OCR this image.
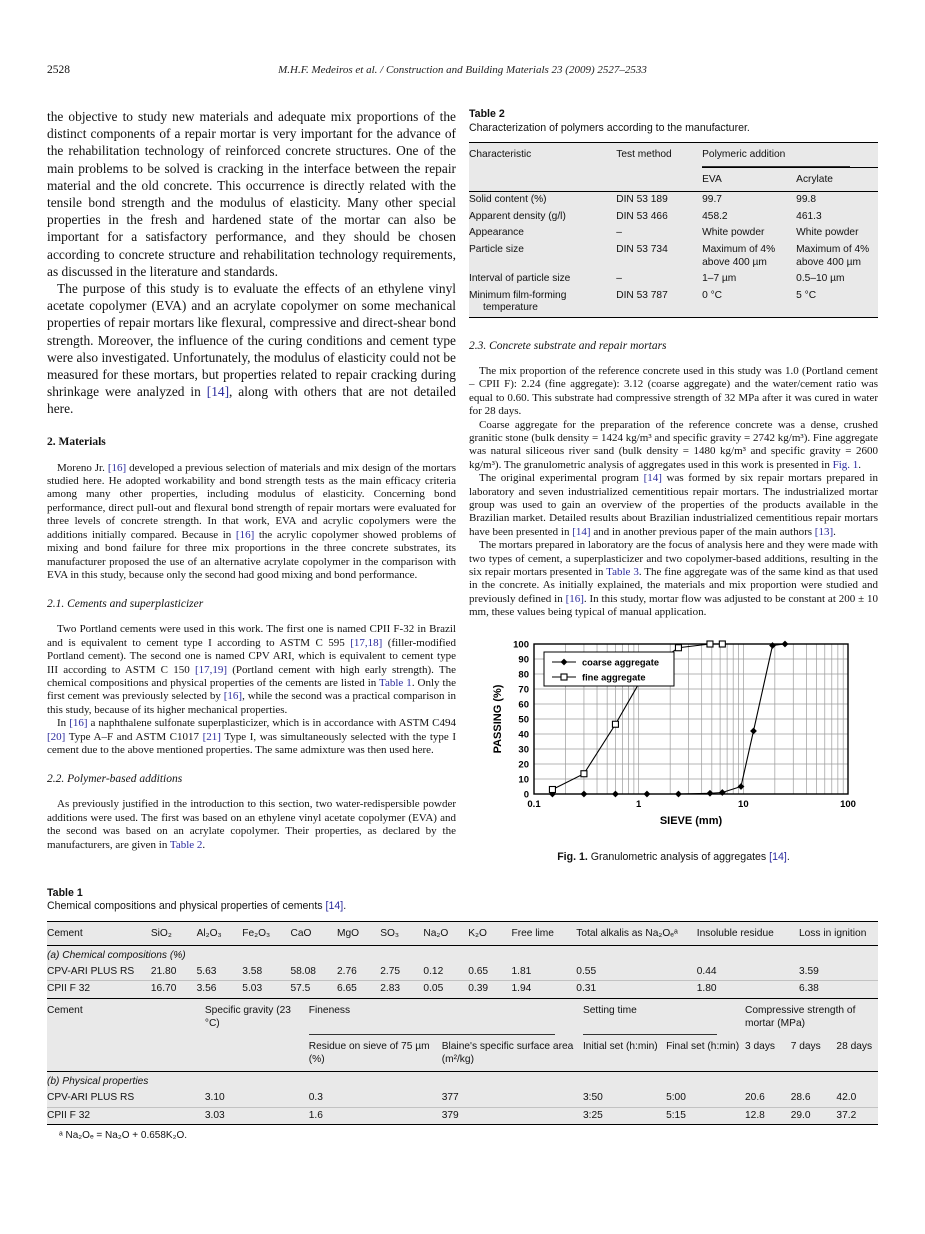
2528	M.H.F. Medeiros et al. / Construction and Building Materials 23 (2009) 2527–2533

the objective to study new materials and adequate mix proportions of the distinct components of a repair mortar is very important for the advance of the rehabilitation technology of reinforced concrete structures. One of the main problems to be solved is cracking in the interface between the repair material and the old concrete. This occurrence is directly related with the tensile bond strength and the modulus of elasticity. Many other special properties in the fresh and hardened state of the mortar can also be important for a satisfactory performance, and they should be chosen according to concrete structure and rehabilitation technology requirements, as discussed in the literature and standards.

The purpose of this study is to evaluate the effects of an ethylene vinyl acetate copolymer (EVA) and an acrylate copolymer on some mechanical properties of repair mortars like flexural, compressive and direct-shear bond strength. Moreover, the influence of the curing conditions and cement type were also investigated. Unfortunately, the modulus of elasticity could not be measured for these mortars, but properties related to repair cracking during shrinkage were analyzed in [14], along with others that are not detailed here.

2. Materials

Moreno Jr. [16] developed a previous selection of materials and mix design of the mortars studied here. He adopted workability and bond strength tests as the main efficacy criteria among many other properties, including modulus of elasticity. Concerning bond performance, direct pull-out and flexural bond strength of repair mortars were evaluated for three levels of concrete strength. In that work, EVA and acrylic copolymers were the additions initially compared. Because in [16] the acrylic copolymer showed problems of mixing and bond failure for three mix proportions in the three concrete substrates, its manufacturer proposed the use of an alternative acrylate copolymer in the comparison with EVA in this study, because only the second had good mixing and bond performance.

2.1. Cements and superplasticizer

Two Portland cements were used in this work. The first one is named CPII F-32 in Brazil and is equivalent to cement type I according to ASTM C 595 [17,18] (filler-modified Portland cement). The second one is named CPV ARI, which is equivalent to cement type III according to ASTM C 150 [17,19] (Portland cement with high early strength). The chemical compositions and physical properties of the cements are listed in Table 1. Only the first cement was previously selected by [16], while the second was a practical comparison in this study, because of its higher mechanical properties.

In [16] a naphthalene sulfonate superplasticizer, which is in accordance with ASTM C494 [20] Type A–F and ASTM C1017 [21] Type I, was simultaneously selected with the type I cement due to the above mentioned properties. The same admixture was then used here.

2.2. Polymer-based additions

As previously justified in the introduction to this section, two water-redispersible powder additions were used. The first was based on an ethylene vinyl acetate copolymer (EVA) and the second was based on an acrylate copolymer. Their properties, as declared by the manufacturers, are given in Table 2.

Table 2
Characterization of polymers according to the manufacturer.
Characteristic	Test method	Polymeric addition	

		EVA	Acrylate
Solid content (%)	DIN 53 189	99.7	99.8
Apparent density (g/l)	DIN 53 466	458.2	461.3
Appearance	–	White powder	White powder
Particle size	DIN 53 734	Maximum of 4% above 400 µm	Maximum of 4% above 400 µm
Interval of particle size	–	1–7 µm	0.5–10 µm
Minimum film-forming temperature	DIN 53 787	0 °C	5 °C
2.3. Concrete substrate and repair mortars

The mix proportion of the reference concrete used in this study was 1.0 (Portland cement – CPII F): 2.24 (fine aggregate): 3.12 (coarse aggregate) and the water/cement ratio was equal to 0.60. This substrate had compressive strength of 32 MPa after it was cured in water for 28 days.

Coarse aggregate for the preparation of the reference concrete was a dense, crushed granitic stone (bulk density = 1424 kg/m³ and specific gravity = 2742 kg/m³). Fine aggregate was natural siliceous river sand (bulk density = 1480 kg/m³ and specific gravity = 2600 kg/m³). The granulometric analysis of aggregates used in this work is presented in Fig. 1.

The original experimental program [14] was formed by six repair mortars prepared in laboratory and seven industrialized cementitious repair mortars. The industrialized mortar group was used to gain an overview of the properties of the products available in the Brazilian market. Detailed results about Brazilian industrialized cementitious repair mortars have been presented in [14] and in another previous paper of the main authors [13].

The mortars prepared in laboratory are the focus of analysis here and they were made with two types of cement, a superplasticizer and two copolymer-based additions, resulting in the six repair mortars presented in Table 3. The fine aggregate was of the same kind as that used in the concrete. As initially explained, the materials and mix proportion were studied and previously defined in [16]. In this study, mortar flow was adjusted to be constant at 200 ± 10 mm, these values being typical of manual application.

0
10
20
30
40
50
60
70
80
90
100
0.1	1	10	100
SIEVE (mm)
PASSING (%)
coarse aggregate
fine aggregate
Fig. 1. Granulometric analysis of aggregates [14].
Table 1
Chemical compositions and physical properties of cements [14].
Cement	SiO₂	Al₂O₃	Fe₂O₃	CaO	MgO	SO₃	Na₂O	K₂O	Free lime	Total alkalis as Na₂Oₑᵃ	Insoluble residue	Loss in ignition
(a) Chemical compositions (%)												
CPV-ARI PLUS RS	21.80	5.63	3.58	58.08	2.76	2.75	0.12	0.65	1.81	0.55	0.44	3.59
CPII F 32	16.70	3.56	5.03	57.5	6.65	2.83	0.05	0.39	1.94	0.31	1.80	6.38
Cement	Specific gravity (23 °C)	Fineness		Setting time		Compressive strength of mortar (MPa)		
		Residue on sieve of 75 µm (%)	Blaine's specific surface area (m²/kg)	Initial set (h:min)	Final set (h:min)	3 days	7 days	28 days
(b) Physical properties								
CPV-ARI PLUS RS	3.10	0.3	377	3:50	5:00	20.6	28.6	42.0
CPII F 32	3.03	1.6	379	3:25	5:15	12.8	29.0	37.2
ᵃ Na₂Oₑ = Na₂O + 0.658K₂O.
